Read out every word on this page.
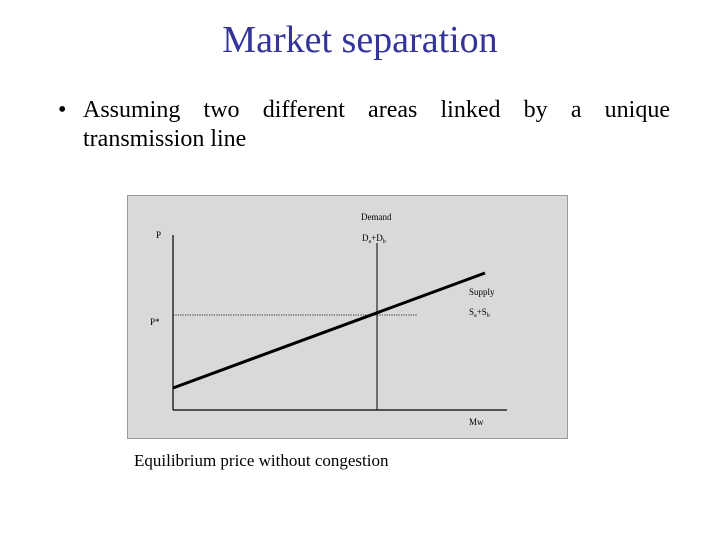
Market separation
• Assuming two different areas linked by a unique
transmission line
P
P*
Demand
$D_a+D_b$
Supply
$S_a+S_b$
Mw
Equilibrium price without congestion
